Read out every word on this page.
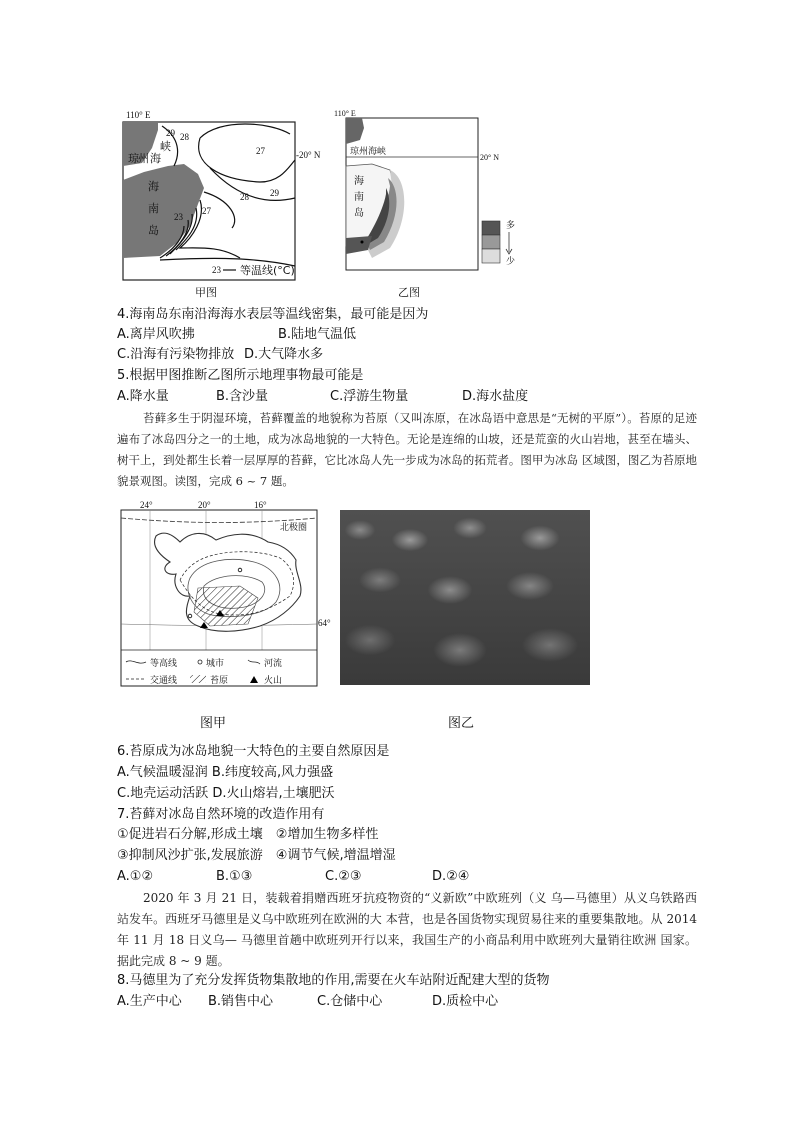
110° E
-20° N
琼 州 海
峡
海
南
岛
29 28
27
28 29
27
23
23 等温线(°C)
甲图
110° E
20° N
琼州海峡
海
南
岛
多
少
乙图
4.海南岛东南沿海海水表层等温线密集，最可能是因为
A.离岸风吹拂	B.陆地气温低
C.沿海有污染物排放 D.大气降水多
5.根据甲图推断乙图所示地理事物最可能是
A.降水量	B.含沙量	C.浮游生物量	D.海水盐度
苔藓多生于阴湿环境，苔藓覆盖的地貌称为苔原（又叫冻原，在冰岛语中意思是“无树的平原”）。苔原的足迹遍布了冰岛四分之一的土地，成为冰岛地貌的一大特色。无论是连绵的山坡，还是荒蛮的火山岩地，甚至在墙头、树干上，到处都生长着一层厚厚的苔藓，它比冰岛人先一步成为冰岛的拓荒者。图甲为冰岛 区域图，图乙为苔原地貌景观图。读图，完成 6 ~ 7 题。
24°	20°	16°
64°
北极圈
等高线	城市	河流
交通线	苔原	火山
图甲	图乙
6.苔原成为冰岛地貌一大特色的主要自然原因是
A.气候温暖湿润 B.纬度较高,风力强盛
C.地壳运动活跃 D.火山熔岩,土壤肥沃
7.苔藓对冰岛自然环境的改造作用有
①促进岩石分解,形成土壤　②增加生物多样性
③抑制风沙扩张,发展旅游　④调节气候,增温增湿
A.①②	B.①③	C.②③	D.②④
2020 年 3 月 21 日，装载着捐赠西班牙抗疫物资的“义新欧”中欧班列（义 乌—马德里）从义乌铁路西站发车。西班牙马德里是义乌中欧班列在欧洲的大 本营，也是各国货物实现贸易往来的重要集散地。从 2014 年 11 月 18 日义乌— 马德里首趟中欧班列开行以来，我国生产的小商品利用中欧班列大量销往欧洲 国家。据此完成 8 ~ 9 题。
8.马德里为了充分发挥货物集散地的作用,需要在火车站附近配建大型的货物
A.生产中心 B.销售中心	C.仓储中心	D.质检中心
